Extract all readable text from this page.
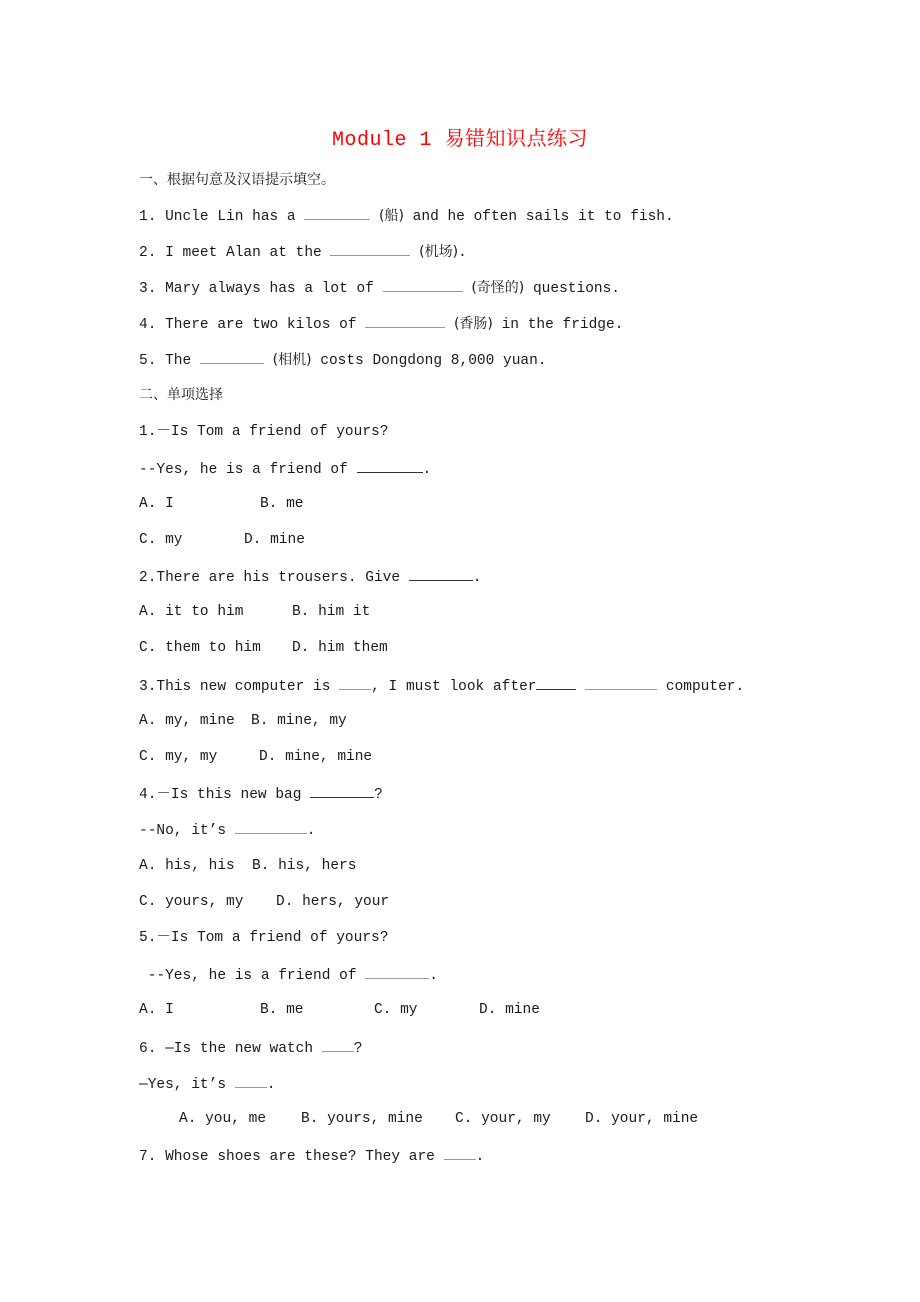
Module 1 易错知识点练习
一、根据句意及汉语提示填空。
1. Uncle Lin has a	(船) and he often sails it to fish.
2. I meet Alan at the	(机场).
3. Mary always has a lot of	(奇怪的) questions.
4. There are two kilos of	(香肠) in the fridge.
5. The	(相机) costs Dongdong 8,000 yuan.
二、单项选择
1.－Is Tom a friend of yours?
--Yes, he is a friend of	.
A. I	B. me
C. my	D. mine
2.There are his trousers. Give	.
A. it to him	B. him it
C. them to him D. him them
3.This new computer is , I must look after	computer.
A. my, mine B. mine, my
C. my, my	D. mine, mine
4.－Is this new bag	?
--No, it’s	.
A. his, his B. his, hers
C. yours, my D. hers, your
5.－Is Tom a friend of yours?
--Yes, he is a friend of	.
A. I	B. me	C. my	D. mine
6. —Is the new watch ?
—Yes, it’s .
A. you, me B. yours, mine C. your, my D. your, mine
7. Whose shoes are these? They are .
